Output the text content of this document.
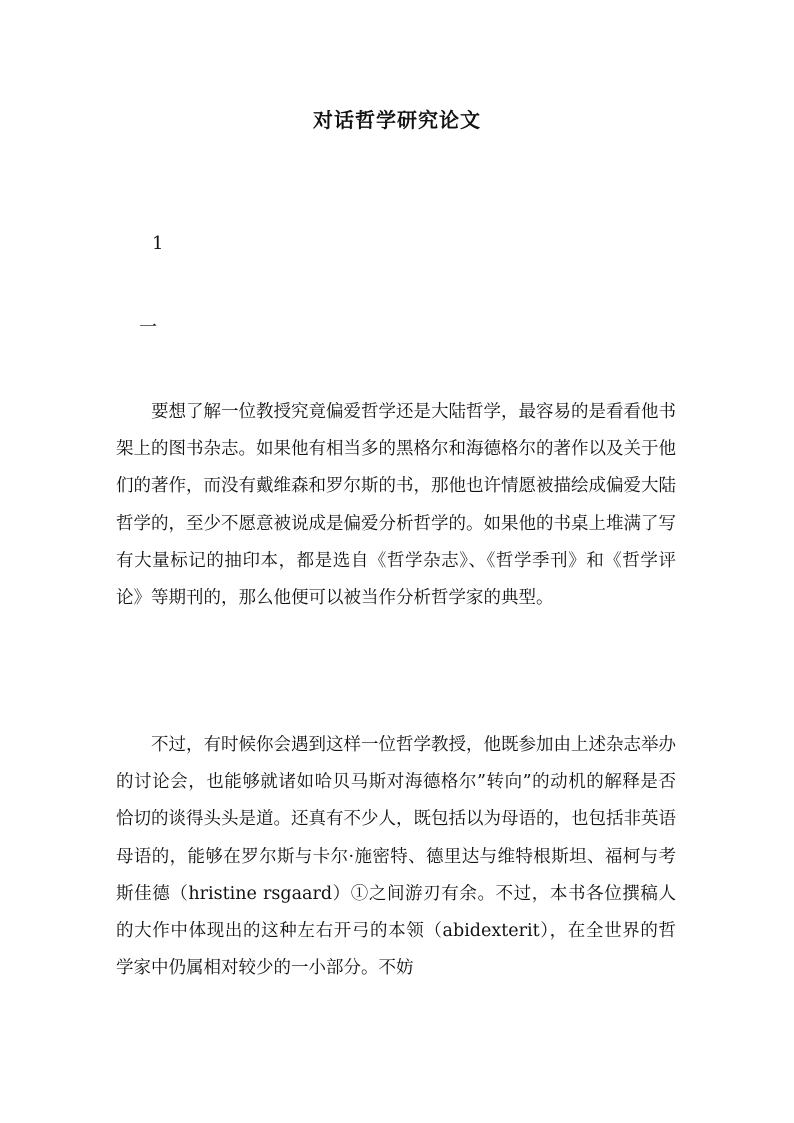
对话哲学研究论文
1
一

要想了解一位教授究竟偏爱哲学还是大陆哲学，最容易的是看看他书架上的图书杂志。如果他有相当多的黑格尔和海德格尔的著作以及关于他们的著作，而没有戴维森和罗尔斯的书，那他也许情愿被描绘成偏爱大陆哲学的，至少不愿意被说成是偏爱分析哲学的。如果他的书桌上堆满了写有大量标记的抽印本，都是选自《哲学杂志》、《哲学季刊》和《哲学评论》等期刊的，那么他便可以被当作分析哲学家的典型。

不过，有时候你会遇到这样一位哲学教授，他既参加由上述杂志举办的讨论会，也能够就诸如哈贝马斯对海德格尔”转向”的动机的解释是否恰切的谈得头头是道。还真有不少人，既包括以为母语的，也包括非英语母语的，能够在罗尔斯与卡尔·施密特、德里达与维特根斯坦、福柯与考斯佳德（hristine rsgaard）①之间游刃有余。不过，本书各位撰稿人的大作中体现出的这种左右开弓的本领（abidexterit），在全世界的哲学家中仍属相对较少的一小部分。不妨
